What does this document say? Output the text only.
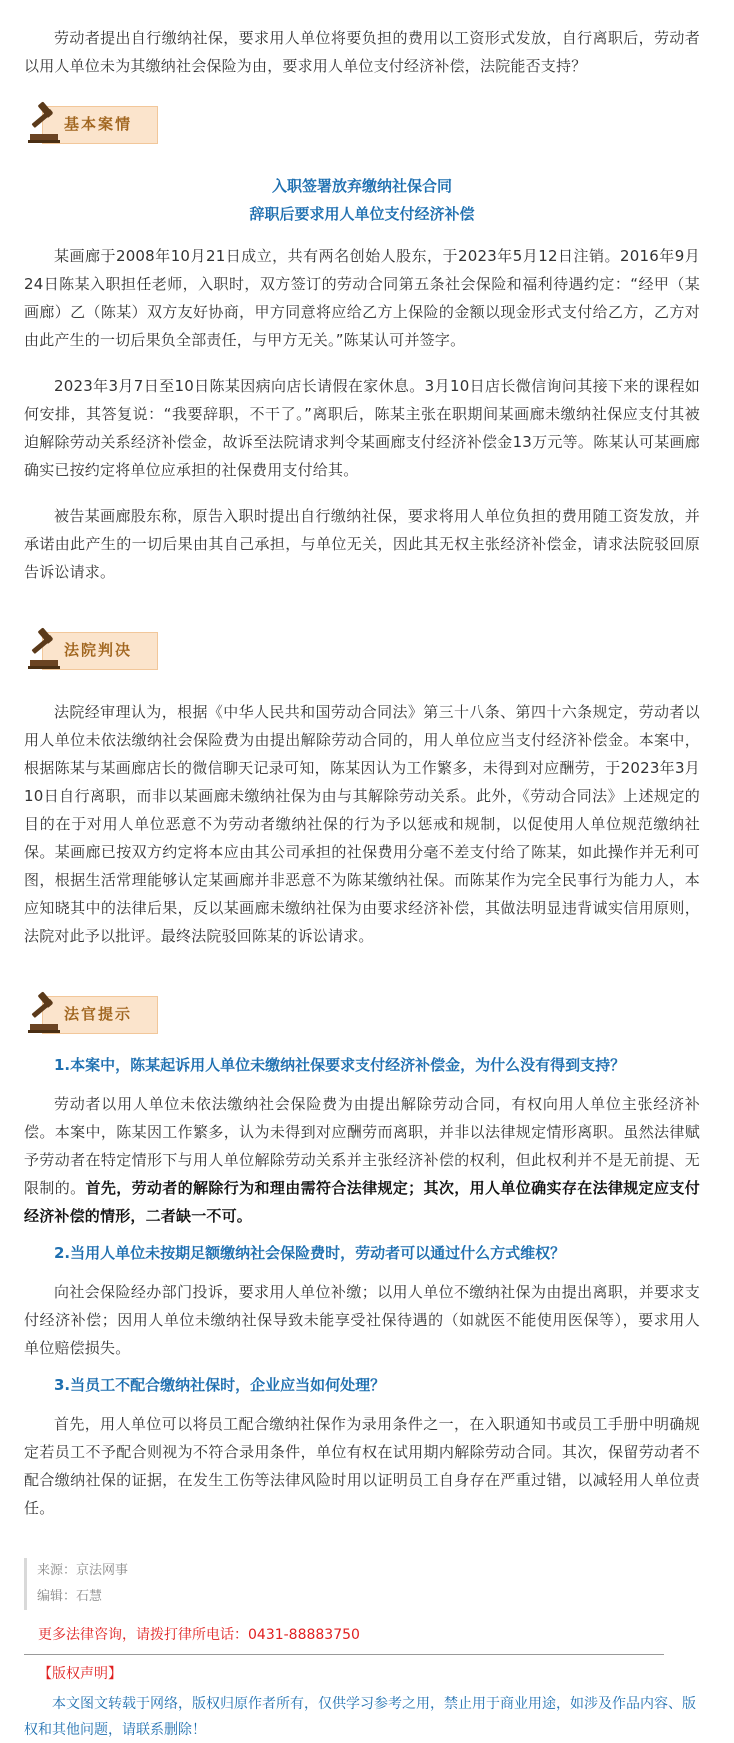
劳动者提出自行缴纳社保，要求用人单位将要负担的费用以工资形式发放，自行离职后，劳动者以用人单位未为其缴纳社会保险为由，要求用人单位支付经济补偿，法院能否支持？

基本案情

入职签署放弃缴纳社保合同

辞职后要求用人单位支付经济补偿

某画廊于2008年10月21日成立，共有两名创始人股东，于2023年5月12日注销。2016年9月24日陈某入职担任老师，入职时，双方签订的劳动合同第五条社会保险和福利待遇约定：“经甲（某画廊）乙（陈某）双方友好协商，甲方同意将应给乙方上保险的金额以现金形式支付给乙方，乙方对由此产生的一切后果负全部责任，与甲方无关。”陈某认可并签字。

2023年3月7日至10日陈某因病向店长请假在家休息。3月10日店长微信询问其接下来的课程如何安排，其答复说：“我要辞职，不干了。”离职后，陈某主张在职期间某画廊未缴纳社保应支付其被迫解除劳动关系经济补偿金，故诉至法院请求判令某画廊支付经济补偿金13万元等。陈某认可某画廊确实已按约定将单位应承担的社保费用支付给其。

被告某画廊股东称，原告入职时提出自行缴纳社保，要求将用人单位负担的费用随工资发放，并承诺由此产生的一切后果由其自己承担，与单位无关，因此其无权主张经济补偿金，请求法院驳回原告诉讼请求。

法院判决

法院经审理认为，根据《中华人民共和国劳动合同法》第三十八条、第四十六条规定，劳动者以用人单位未依法缴纳社会保险费为由提出解除劳动合同的，用人单位应当支付经济补偿金。本案中，根据陈某与某画廊店长的微信聊天记录可知，陈某因认为工作繁多，未得到对应酬劳，于2023年3月10日自行离职，而非以某画廊未缴纳社保为由与其解除劳动关系。此外，《劳动合同法》上述规定的目的在于对用人单位恶意不为劳动者缴纳社保的行为予以惩戒和规制，以促使用人单位规范缴纳社保。某画廊已按双方约定将本应由其公司承担的社保费用分毫不差支付给了陈某，如此操作并无利可图，根据生活常理能够认定某画廊并非恶意不为陈某缴纳社保。而陈某作为完全民事行为能力人，本应知晓其中的法律后果，反以某画廊未缴纳社保为由要求经济补偿，其做法明显违背诚实信用原则，法院对此予以批评。最终法院驳回陈某的诉讼请求。

法官提示

1.本案中，陈某起诉用人单位未缴纳社保要求支付经济补偿金，为什么没有得到支持？

劳动者以用人单位未依法缴纳社会保险费为由提出解除劳动合同，有权向用人单位主张经济补偿。本案中，陈某因工作繁多，认为未得到对应酬劳而离职，并非以法律规定情形离职。虽然法律赋予劳动者在特定情形下与用人单位解除劳动关系并主张经济补偿的权利，但此权利并不是无前提、无限制的。首先，劳动者的解除行为和理由需符合法律规定；其次，用人单位确实存在法律规定应支付经济补偿的情形，二者缺一不可。

2.当用人单位未按期足额缴纳社会保险费时，劳动者可以通过什么方式维权？

向社会保险经办部门投诉，要求用人单位补缴；以用人单位不缴纳社保为由提出离职，并要求支付经济补偿；因用人单位未缴纳社保导致未能享受社保待遇的（如就医不能使用医保等），要求用人单位赔偿损失。

3.当员工不配合缴纳社保时，企业应当如何处理？

首先，用人单位可以将员工配合缴纳社保作为录用条件之一，在入职通知书或员工手册中明确规定若员工不予配合则视为不符合录用条件，单位有权在试用期内解除劳动合同。其次，保留劳动者不配合缴纳社保的证据，在发生工伤等法律风险时用以证明员工自身存在严重过错，以减轻用人单位责任。

来源：京法网事
编辑：石慧
更多法律咨询，请拨打律所电话：0431-88883750
【版权声明】

本文图文转载于网络，版权归原作者所有，仅供学习参考之用，禁止用于商业用途，如涉及作品内容、版权和其他问题，请联系删除！
